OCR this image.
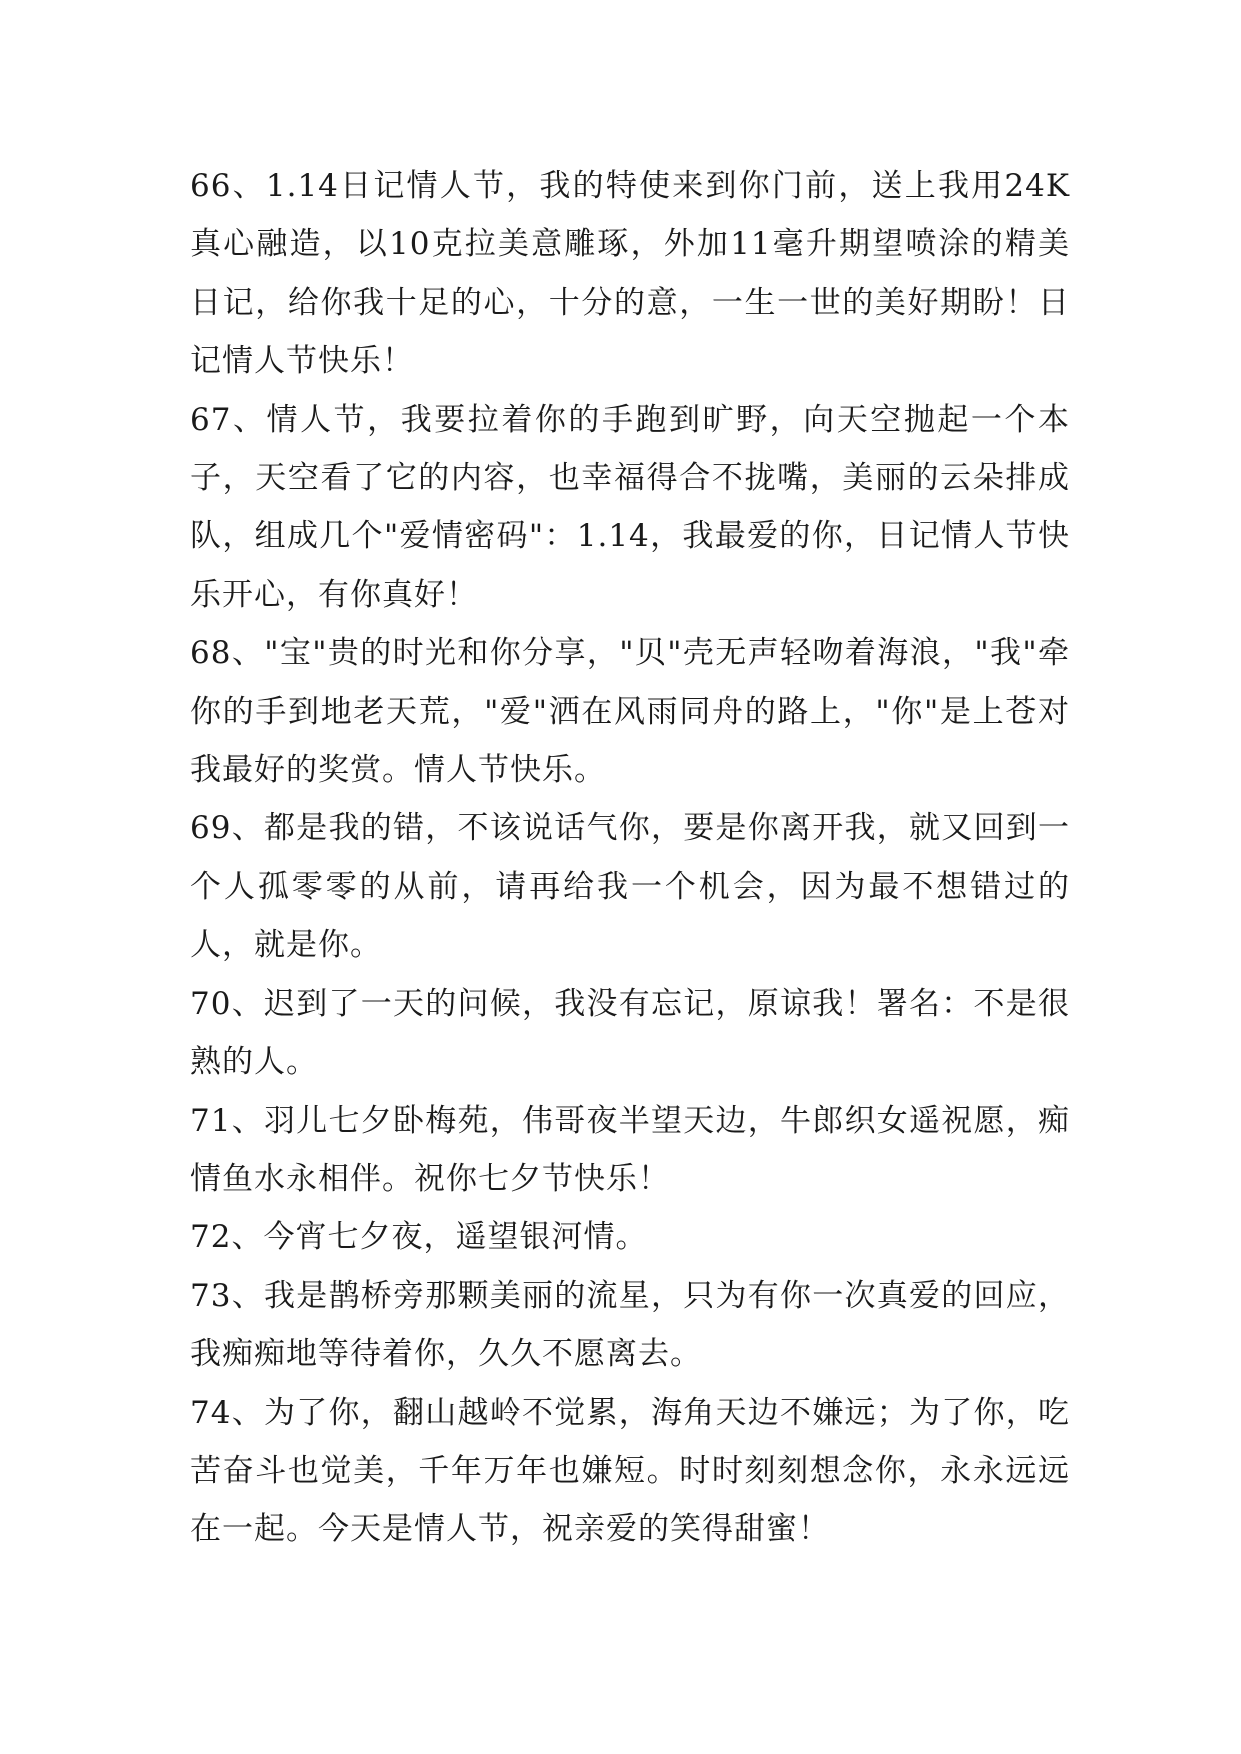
66、1.14日记情人节，我的特使来到你门前，送上我用24K真心融造，以10克拉美意雕琢，外加11毫升期望喷涂的精美日记，给你我十足的心，十分的意，一生一世的美好期盼！日记情人节快乐！

67、情人节，我要拉着你的手跑到旷野，向天空抛起一个本子，天空看了它的内容，也幸福得合不拢嘴，美丽的云朵排成队，组成几个"爱情密码"：1.14，我最爱的你，日记情人节快乐开心，有你真好！

68、"宝"贵的时光和你分享，"贝"壳无声轻吻着海浪，"我"牵你的手到地老天荒，"爱"洒在风雨同舟的路上，"你"是上苍对我最好的奖赏。情人节快乐。

69、都是我的错，不该说话气你，要是你离开我，就又回到一个人孤零零的从前，请再给我一个机会，因为最不想错过的人，就是你。

70、迟到了一天的问候，我没有忘记，原谅我！署名：不是很熟的人。

71、羽儿七夕卧梅苑，伟哥夜半望天边，牛郎织女遥祝愿，痴情鱼水永相伴。祝你七夕节快乐！

72、今宵七夕夜，遥望银河情。

73、我是鹊桥旁那颗美丽的流星，只为有你一次真爱的回应，我痴痴地等待着你，久久不愿离去。

74、为了你，翻山越岭不觉累，海角天边不嫌远；为了你，吃苦奋斗也觉美，千年万年也嫌短。时时刻刻想念你，永永远远在一起。今天是情人节，祝亲爱的笑得甜蜜！
